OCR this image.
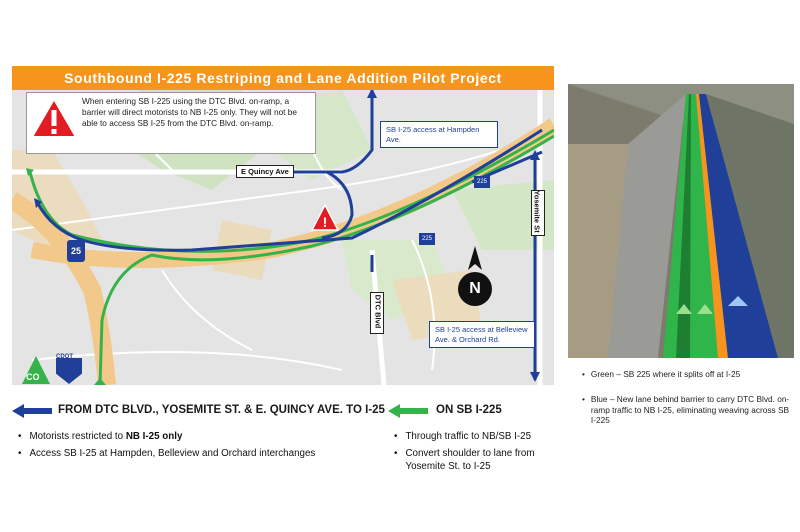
Southbound I-225 Restriping and Lane Addition Pilot Project
!
When entering SB I-225 using the DTC Blvd. on-ramp, a barrier will direct motorists to NB I-25 only. They will not be able to access SB I-25 from the DTC Blvd. on-ramp.
SB I-25 access at Hampden Ave.
SB I-25 access at Belleview Ave. & Orchard Rd.
E Quincy Ave
Yosemite St
DTC Blvd
25
225
225
N
CO
CDOT
• Green – SB 225 where it splits off at I-25
• Blue – New lane behind barrier to carry DTC Blvd. on-ramp traffic to NB I-25, eliminating weaving across SB I-225
FROM DTC BLVD., YOSEMITE ST. & E. QUINCY AVE. TO I-25
• Motorists restricted to NB I-25 only
• Access SB I-25 at Hampden, Belleview and Orchard interchanges
ON SB I-225
• Through traffic to NB/SB I-25
• Convert shoulder to lane from Yosemite St. to I-25
